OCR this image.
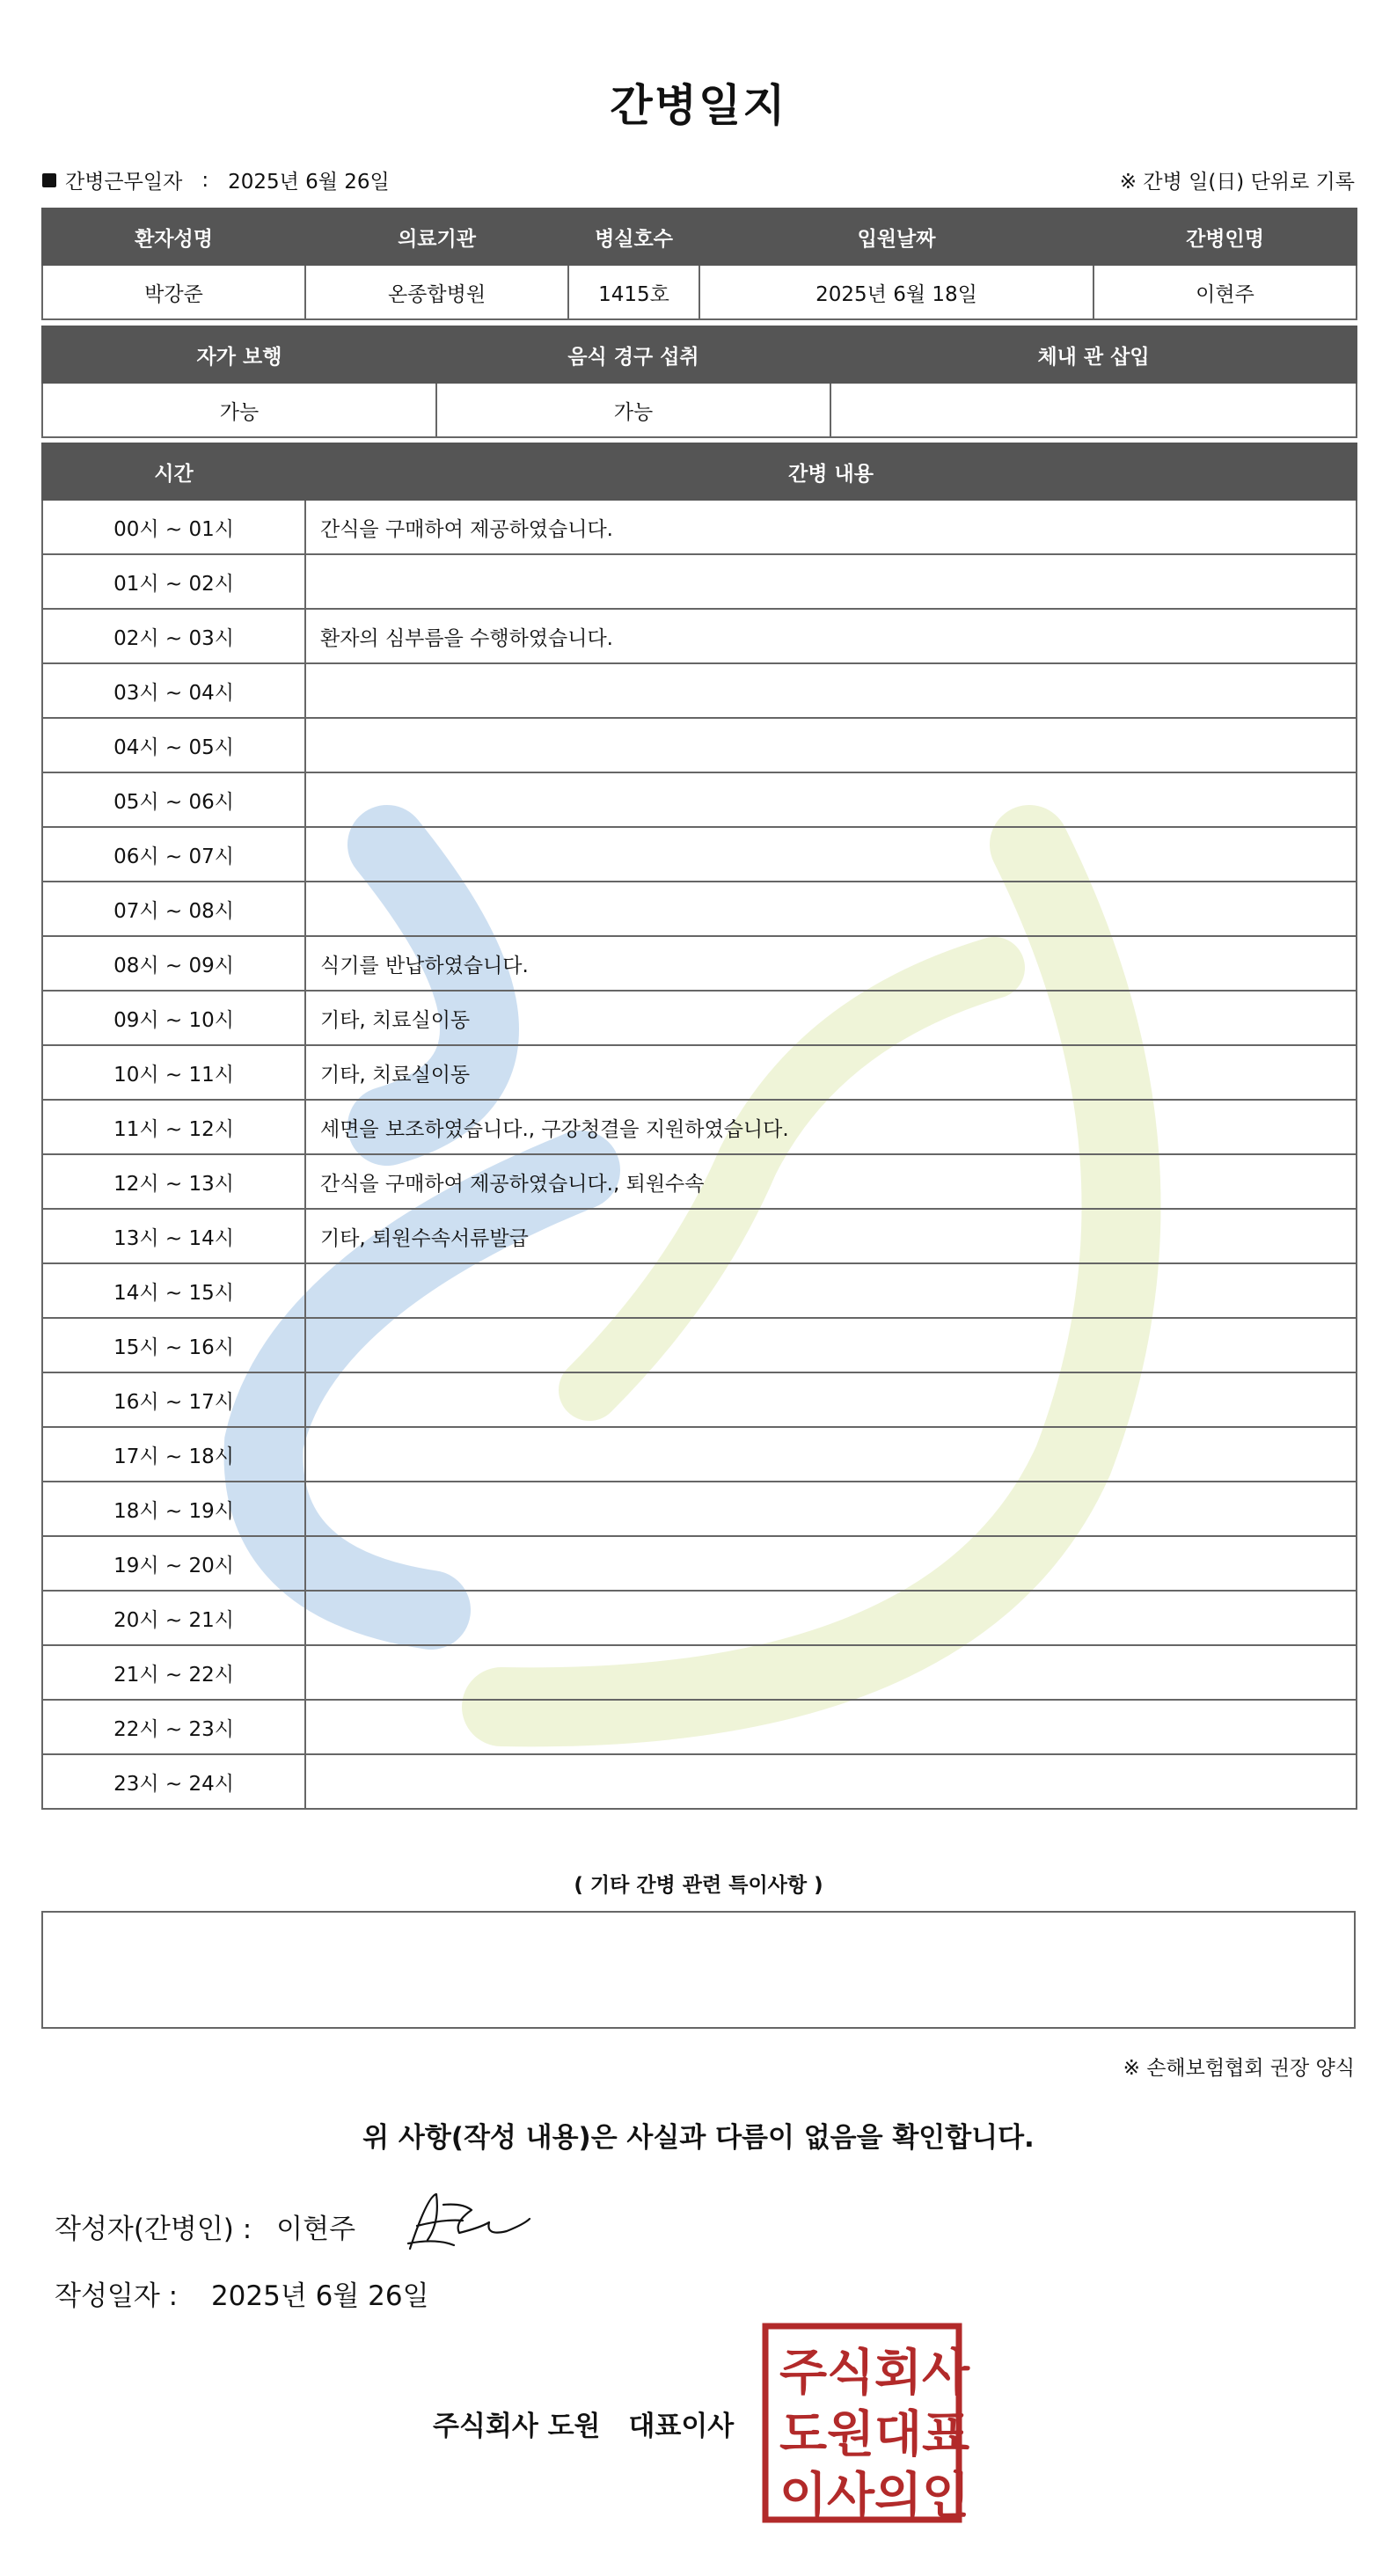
간병일지
간병근무일자 : 2025년 6월 26일	※ 간병 일(日) 단위로 기록
환자성명	의료기관	병실호수	입원날짜	간병인명
박강준	온종합병원	1415호	2025년 6월 18일	이현주
자가 보행	음식 경구 섭취	체내 관 삽입
가능	가능	
시간	간병 내용
00시 ~ 01시	간식을 구매하여 제공하였습니다.
01시 ~ 02시	
02시 ~ 03시	환자의 심부름을 수행하였습니다.
03시 ~ 04시	
04시 ~ 05시	
05시 ~ 06시	
06시 ~ 07시	
07시 ~ 08시	
08시 ~ 09시	식기를 반납하였습니다.
09시 ~ 10시	기타, 치료실이동
10시 ~ 11시	기타, 치료실이동
11시 ~ 12시	세면을 보조하였습니다., 구강청결을 지원하였습니다.
12시 ~ 13시	간식을 구매하여 제공하였습니다., 퇴원수속
13시 ~ 14시	기타, 퇴원수속서류발급
14시 ~ 15시	
15시 ~ 16시	
16시 ~ 17시	
17시 ~ 18시	
18시 ~ 19시	
19시 ~ 20시	
20시 ~ 21시	
21시 ~ 22시	
22시 ~ 23시	
23시 ~ 24시	
( 기타 간병 관련 특이사항 )
※ 손해보험협회 권장 양식
위 사항(작성 내용)은 사실과 다름이 없음을 확인합니다.
작성자(간병인) : 이현주
작성일자 : 2025년 6월 26일
주식회사 도원 대표이사
주 식 회 사
도 원 대 표
이 사 의 인
